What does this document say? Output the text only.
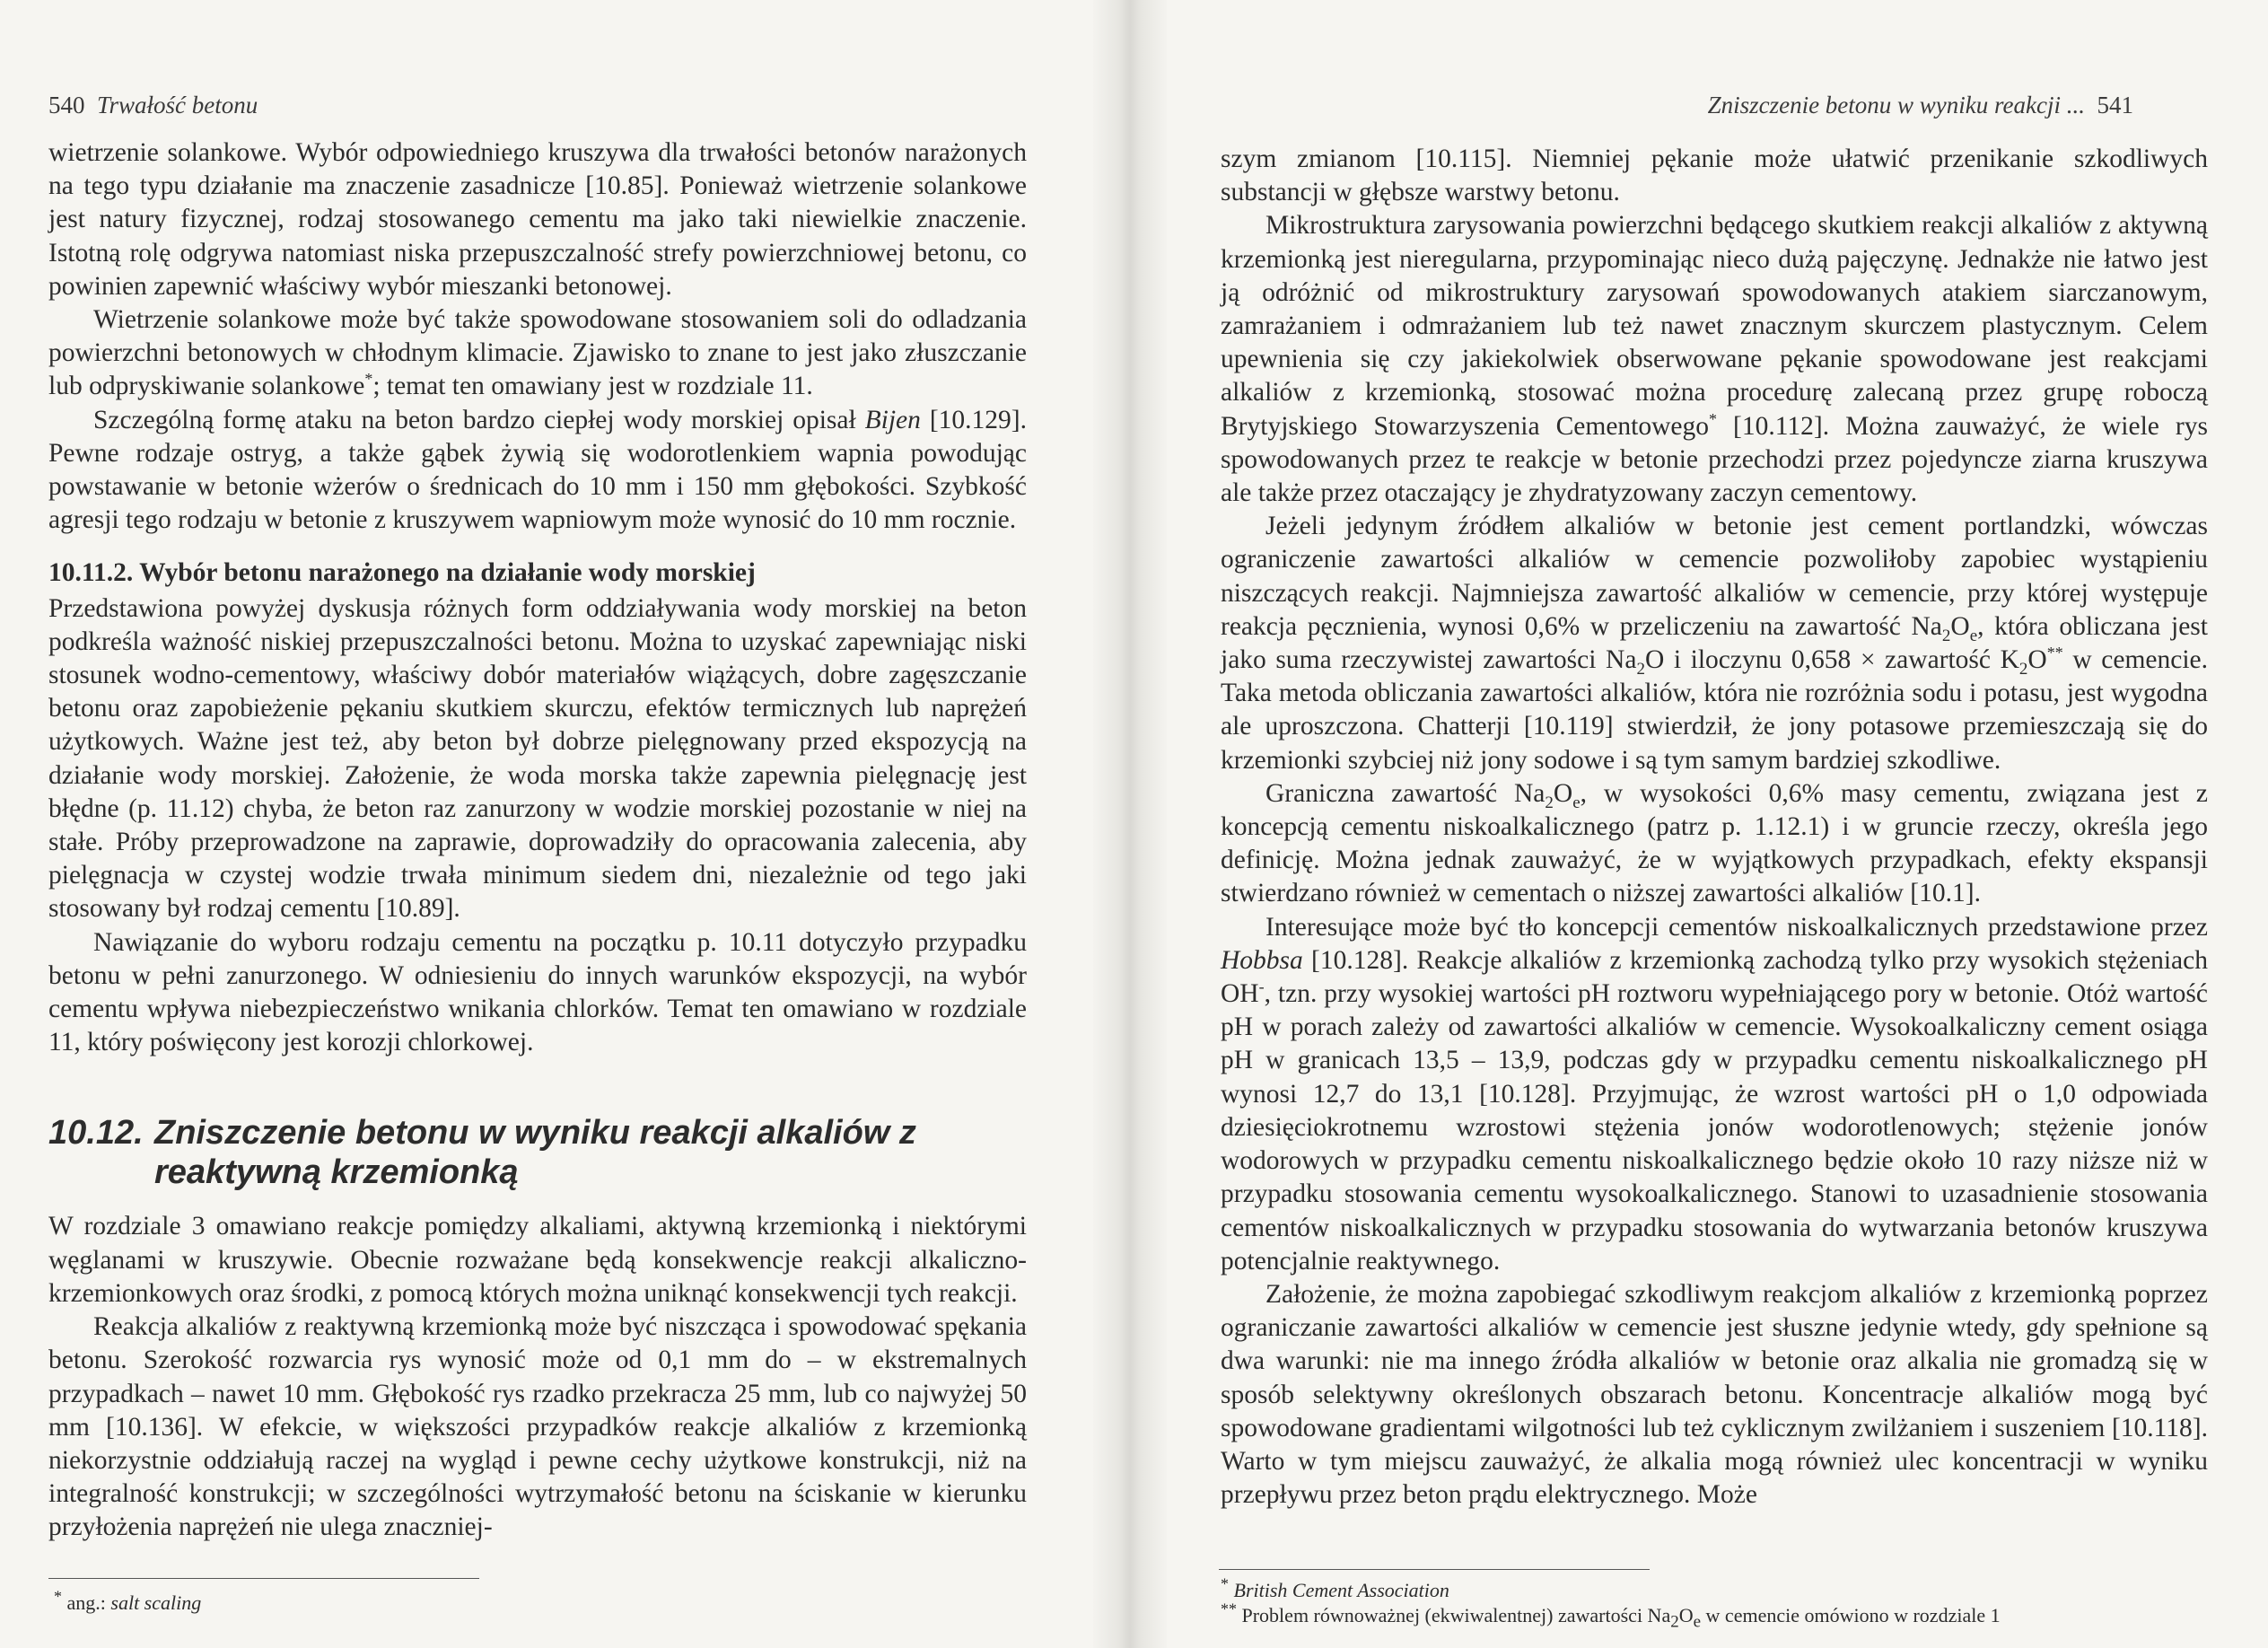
540 Trwałość betonu

wietrzenie solankowe. Wybór odpowiedniego kruszywa dla trwałości betonów narażonych na tego typu działanie ma znaczenie zasadnicze [10.85]. Ponieważ wietrzenie solankowe jest natury fizycznej, rodzaj stosowanego cementu ma jako taki niewielkie znaczenie. Istotną rolę odgrywa natomiast niska przepuszczalność strefy powierzchniowej betonu, co powinien zapewnić właściwy wybór mieszanki betonowej.

Wietrzenie solankowe może być także spowodowane stosowaniem soli do odladzania powierzchni betonowych w chłodnym klimacie. Zjawisko to znane to jest jako złuszczanie lub odpryskiwanie solankowe*; temat ten omawiany jest w rozdziale 11.

Szczególną formę ataku na beton bardzo ciepłej wody morskiej opisał Bijen [10.129]. Pewne rodzaje ostryg, a także gąbek żywią się wodorotlenkiem wapnia powodując powstawanie w betonie wżerów o średnicach do 10 mm i 150 mm głębokości. Szybkość agresji tego rodzaju w betonie z kruszywem wapniowym może wynosić do 10 mm rocznie.

10.11.2. Wybór betonu narażonego na działanie wody morskiej

Przedstawiona powyżej dyskusja różnych form oddziaływania wody morskiej na beton podkreśla ważność niskiej przepuszczalności betonu. Można to uzyskać zapewniając niski stosunek wodno-cementowy, właściwy dobór materiałów wiążących, dobre zagęszczanie betonu oraz zapobieżenie pękaniu skutkiem skurczu, efektów termicznych lub naprężeń użytkowych. Ważne jest też, aby beton był dobrze pielęgnowany przed ekspozycją na działanie wody morskiej. Założenie, że woda morska także zapewnia pielęgnację jest błędne (p. 11.12) chyba, że beton raz zanurzony w wodzie morskiej pozostanie w niej na stałe. Próby przeprowadzone na zaprawie, doprowadziły do opracowania zalecenia, aby pielęgnacja w czystej wodzie trwała minimum siedem dni, niezależnie od tego jaki stosowany był rodzaj cementu [10.89].

Nawiązanie do wyboru rodzaju cementu na początku p. 10.11 dotyczyło przypadku betonu w pełni zanurzonego. W odniesieniu do innych warunków ekspozycji, na wybór cementu wpływa niebezpieczeństwo wnikania chlorków. Temat ten omawiano w rozdziale 11, który poświęcony jest korozji chlorkowej.

10.12. Zniszczenie betonu w wyniku reakcji alkaliów z reaktywną krzemionką

W rozdziale 3 omawiano reakcje pomiędzy alkaliami, aktywną krzemionką i niektórymi węglanami w kruszywie. Obecnie rozważane będą konsekwencje reakcji alkaliczno-krzemionkowych oraz środki, z pomocą których można uniknąć konsekwencji tych reakcji.

Reakcja alkaliów z reaktywną krzemionką może być niszcząca i spowodować spękania betonu. Szerokość rozwarcia rys wynosić może od 0,1 mm do – w ekstremalnych przypadkach – nawet 10 mm. Głębokość rys rzadko przekracza 25 mm, lub co najwyżej 50 mm [10.136]. W efekcie, w większości przypadków reakcje alkaliów z krzemionką niekorzystnie oddziałują raczej na wygląd i pewne cechy użytkowe konstrukcji, niż na integralność konstrukcji; w szczególności wytrzymałość betonu na ściskanie w kierunku przyłożenia naprężeń nie ulega znaczniej-

* ang.: salt scaling
Zniszczenie betonu w wyniku reakcji ... 541

szym zmianom [10.115]. Niemniej pękanie może ułatwić przenikanie szkodliwych substancji w głębsze warstwy betonu.

Mikrostruktura zarysowania powierzchni będącego skutkiem reakcji alkaliów z aktywną krzemionką jest nieregularna, przypominając nieco dużą pajęczynę. Jednakże nie łatwo jest ją odróżnić od mikrostruktury zarysowań spowodowanych atakiem siarczanowym, zamrażaniem i odmrażaniem lub też nawet znacznym skurczem plastycznym. Celem upewnienia się czy jakiekolwiek obserwowane pękanie spowodowane jest reakcjami alkaliów z krzemionką, stosować można procedurę zalecaną przez grupę roboczą Brytyjskiego Stowarzyszenia Cementowego* [10.112]. Można zauważyć, że wiele rys spowodowanych przez te reakcje w betonie przechodzi przez pojedyncze ziarna kruszywa ale także przez otaczający je zhydratyzowany zaczyn cementowy.

Jeżeli jedynym źródłem alkaliów w betonie jest cement portlandzki, wówczas ograniczenie zawartości alkaliów w cemencie pozwoliłoby zapobiec wystąpieniu niszczących reakcji. Najmniejsza zawartość alkaliów w cemencie, przy której występuje reakcja pęcznienia, wynosi 0,6% w przeliczeniu na zawartość $Na_2O_e$, która obliczana jest jako suma rzeczywistej zawartości $Na_2O$ i iloczynu 0,658 × zawartość $K_2O^{**}$ w cemencie. Taka metoda obliczania zawartości alkaliów, która nie rozróżnia sodu i potasu, jest wygodna ale uproszczona. Chatterji [10.119] stwierdził, że jony potasowe przemieszczają się do krzemionki szybciej niż jony sodowe i są tym samym bardziej szkodliwe.

Graniczna zawartość $Na_2O_e$, w wysokości 0,6% masy cementu, związana jest z koncepcją cementu niskoalkalicznego (patrz p. 1.12.1) i w gruncie rzeczy, określa jego definicję. Można jednak zauważyć, że w wyjątkowych przypadkach, efekty ekspansji stwierdzano również w cementach o niższej zawartości alkaliów [10.1].

Interesujące może być tło koncepcji cementów niskoalkalicznych przedstawione przez Hobbsa [10.128]. Reakcje alkaliów z krzemionką zachodzą tylko przy wysokich stężeniach OH-, tzn. przy wysokiej wartości pH roztworu wypełniającego pory w betonie. Otóż wartość pH w porach zależy od zawartości alkaliów w cemencie. Wysokoalkaliczny cement osiąga pH w granicach 13,5 – 13,9, podczas gdy w przypadku cementu niskoalkalicznego pH wynosi 12,7 do 13,1 [10.128]. Przyjmując, że wzrost wartości pH o 1,0 odpowiada dziesięciokrotnemu wzrostowi stężenia jonów wodorotlenowych; stężenie jonów wodorowych w przypadku cementu niskoalkalicznego będzie około 10 razy niższe niż w przypadku stosowania cementu wysokoalkalicznego. Stanowi to uzasadnienie stosowania cementów niskoalkalicznych w przypadku stosowania do wytwarzania betonów kruszywa potencjalnie reaktywnego.

Założenie, że można zapobiegać szkodliwym reakcjom alkaliów z krzemionką poprzez ograniczanie zawartości alkaliów w cemencie jest słuszne jedynie wtedy, gdy spełnione są dwa warunki: nie ma innego źródła alkaliów w betonie oraz alkalia nie gromadzą się w sposób selektywny określonych obszarach betonu. Koncentracje alkaliów mogą być spowodowane gradientami wilgotności lub też cyklicznym zwilżaniem i suszeniem [10.118]. Warto w tym miejscu zauważyć, że alkalia mogą również ulec koncentracji w wyniku przepływu przez beton prądu elektrycznego. Może

* British Cement Association
** Problem równoważnej (ekwiwalentnej) zawartości $Na_2O_e$ w cemencie omówiono w rozdziale 1
